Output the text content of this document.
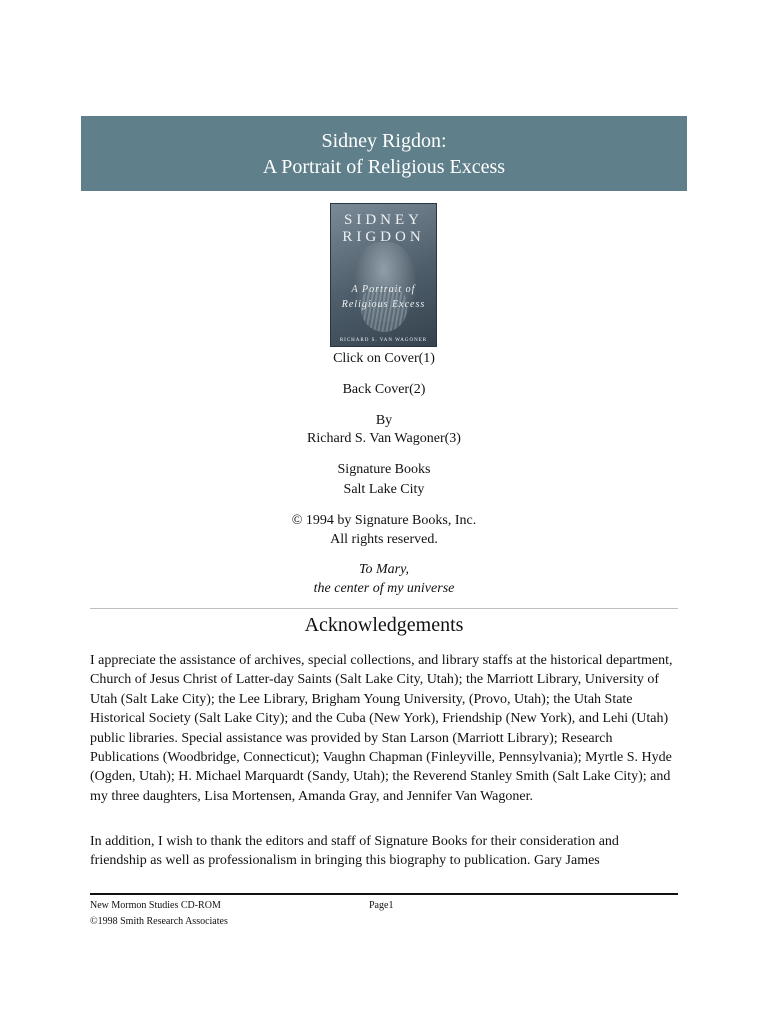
Sidney Rigdon:
A Portrait of Religious Excess
SIDNEY
RIGDON
A Portrait of
Religious Excess
RICHARD S. VAN WAGONER
Click on Cover(1)
Back Cover(2)
By
Richard S. Van Wagoner(3)
Signature Books
Salt Lake City
© 1994 by Signature Books, Inc.
All rights reserved.
To Mary,
the center of my universe
Acknowledgements

I appreciate the assistance of archives, special collections, and library staffs at the historical department, Church of Jesus Christ of Latter-day Saints (Salt Lake City, Utah); the Marriott Library, University of Utah (Salt Lake City); the Lee Library, Brigham Young University, (Provo, Utah); the Utah State Historical Society (Salt Lake City); and the Cuba (New York), Friendship (New York), and Lehi (Utah) public libraries. Special assistance was provided by Stan Larson (Marriott Library); Research Publications (Woodbridge, Connecticut); Vaughn Chapman (Finleyville, Pennsylvania); Myrtle S. Hyde (Ogden, Utah); H. Michael Marquardt (Sandy, Utah); the Reverend Stanley Smith (Salt Lake City); and my three daughters, Lisa Mortensen, Amanda Gray, and Jennifer Van Wagoner.

In addition, I wish to thank the editors and staff of Signature Books for their consideration and friendship as well as professionalism in bringing this biography to publication. Gary James

New Mormon Studies CD-ROM
©1998 Smith Research Associates
Page1
